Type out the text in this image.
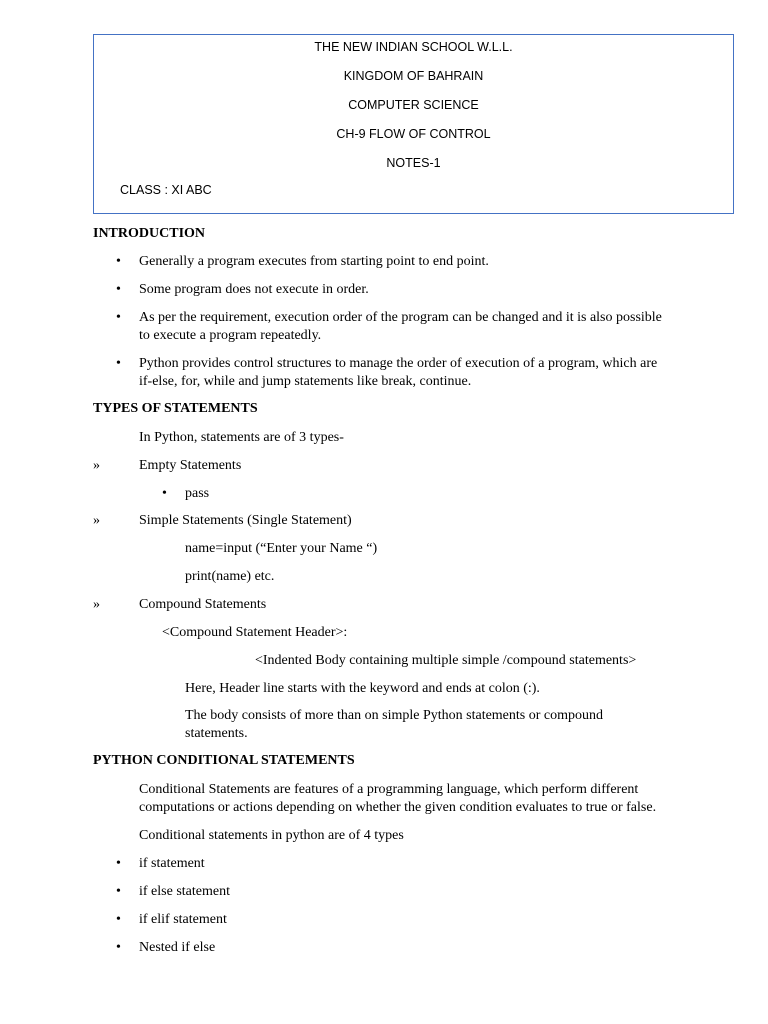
THE NEW INDIAN SCHOOL W.L.L.
KINGDOM OF BAHRAIN
COMPUTER SCIENCE
CH-9 FLOW OF CONTROL
NOTES-1
CLASS : XI ABC
INTRODUCTION
• Generally a program executes from starting point to end point.
• Some program does not execute in order.
• As per the requirement, execution order of the program can be changed and it is also possible
to execute a program repeatedly.
• Python provides control structures to manage the order of execution of a program, which are
if-else, for, while and jump statements like break, continue.
TYPES OF STATEMENTS
In Python, statements are of 3 types-
»	Empty Statements
• pass
»	Simple Statements (Single Statement)
name=input (“Enter your Name “)
print(name) etc.
»	Compound Statements
<Compound Statement Header>:
<Indented Body containing multiple simple /compound statements>
Here, Header line starts with the keyword and ends at colon (:).
The body consists of more than on simple Python statements or compound
statements.
PYTHON CONDITIONAL STATEMENTS
Conditional Statements are features of a programming language, which perform different
computations or actions depending on whether the given condition evaluates to true or false.
Conditional statements in python are of 4 types
• if statement
• if else statement
• if elif statement
• Nested if else
